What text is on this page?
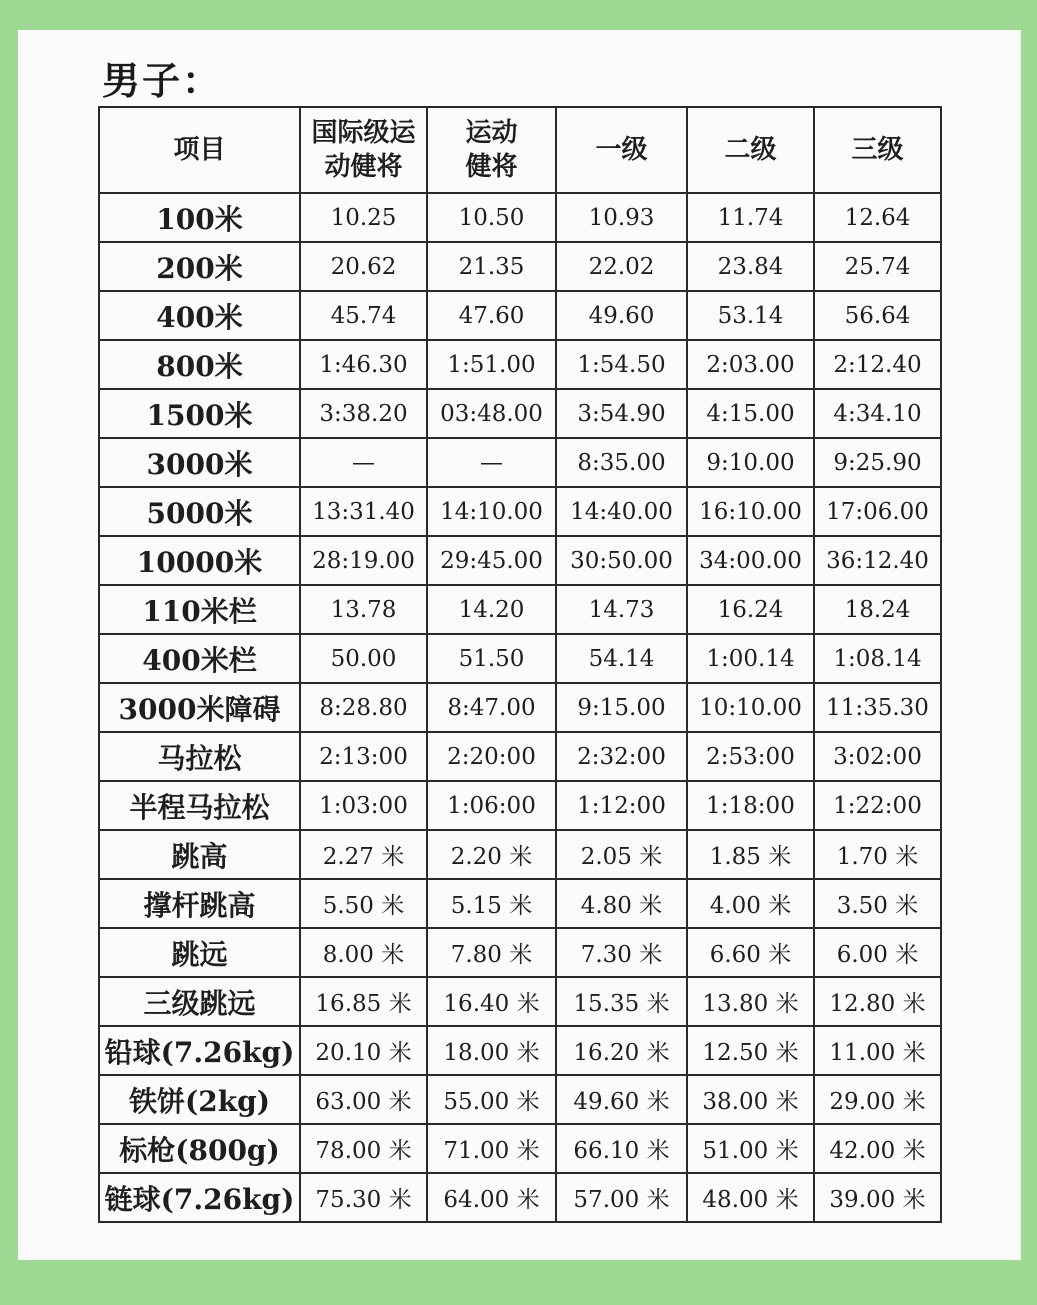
男子：
项目	国际级运动健将	运动健将	一级	二级	三级
100米	10.25	10.50	10.93	11.74	12.64
200米	20.62	21.35	22.02	23.84	25.74
400米	45.74	47.60	49.60	53.14	56.64
800米	1:46.30	1:51.00	1:54.50	2:03.00	2:12.40
1500米	3:38.20	03:48.00	3:54.90	4:15.00	4:34.10
3000米	—	—	8:35.00	9:10.00	9:25.90
5000米	13:31.40	14:10.00	14:40.00	16:10.00	17:06.00
10000米	28:19.00	29:45.00	30:50.00	34:00.00	36:12.40
110米栏	13.78	14.20	14.73	16.24	18.24
400米栏	50.00	51.50	54.14	1:00.14	1:08.14
3000米障碍	8:28.80	8:47.00	9:15.00	10:10.00	11:35.30
马拉松	2:13:00	2:20:00	2:32:00	2:53:00	3:02:00
半程马拉松	1:03:00	1:06:00	1:12:00	1:18:00	1:22:00
跳高	2.27 米	2.20 米	2.05 米	1.85 米	1.70 米
撑杆跳高	5.50 米	5.15 米	4.80 米	4.00 米	3.50 米
跳远	8.00 米	7.80 米	7.30 米	6.60 米	6.00 米
三级跳远	16.85 米	16.40 米	15.35 米	13.80 米	12.80 米
铅球(7.26kg)	20.10 米	18.00 米	16.20 米	12.50 米	11.00 米
铁饼(2kg)	63.00 米	55.00 米	49.60 米	38.00 米	29.00 米
标枪(800g)	78.00 米	71.00 米	66.10 米	51.00 米	42.00 米
链球(7.26kg)	75.30 米	64.00 米	57.00 米	48.00 米	39.00 米
